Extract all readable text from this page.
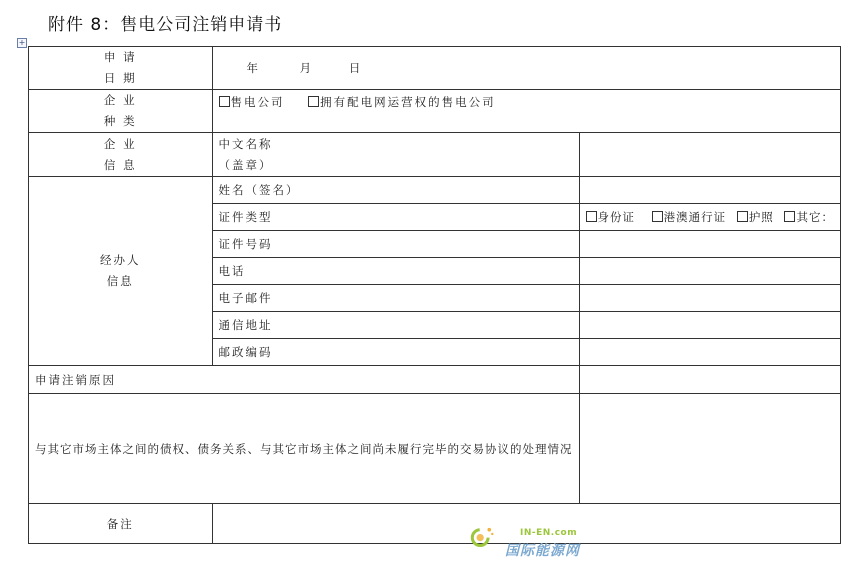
附件 8：售电公司注销申请书
+
申 请
日 期	年 月 日	
企 业
种 类	售电公司 拥有配电网运营权的售电公司	
企 业
信 息	中文名称
（盖章）	
经办人
信息	姓名（签名）	
	证件类型	身份证 港澳通行证 护照 其它：
	证件号码	
	电话	
	电子邮件	
	通信地址	
	邮政编码	
申请注销原因		
与其它市场主体之间的债权、债务关系、与其它市场主体之间尚未履行完毕的交易协议的处理情况		
备注		
IN-EN.com
国际能源网
